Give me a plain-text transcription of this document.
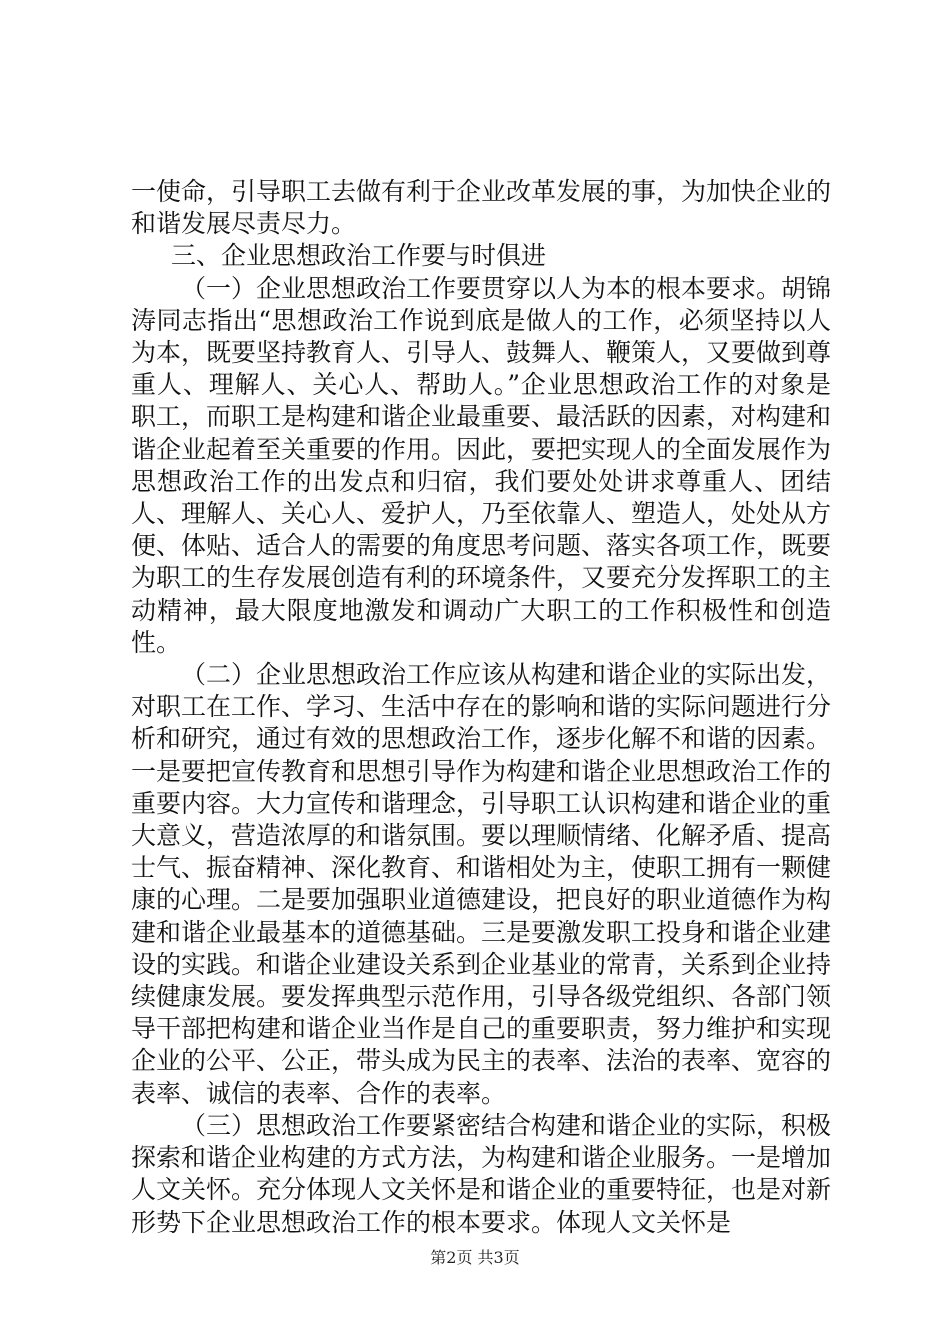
一使命，引导职工去做有利于企业改革发展的事，为加快企业的和谐发展尽责尽力。

三、企业思想政治工作要与时俱进

（一）企业思想政治工作要贯穿以人为本的根本要求。胡锦涛同志指出“思想政治工作说到底是做人的工作，必须坚持以人为本，既要坚持教育人、引导人、鼓舞人、鞭策人，又要做到尊重人、理解人、关心人、帮助人。”企业思想政治工作的对象是职工，而职工是构建和谐企业最重要、最活跃的因素，对构建和谐企业起着至关重要的作用。因此，要把实现人的全面发展作为思想政治工作的出发点和归宿，我们要处处讲求尊重人、团结人、理解人、关心人、爱护人，乃至依靠人、塑造人，处处从方便、体贴、适合人的需要的角度思考问题、落实各项工作，既要为职工的生存发展创造有利的环境条件，又要充分发挥职工的主动精神，最大限度地激发和调动广大职工的工作积极性和创造性。

（二）企业思想政治工作应该从构建和谐企业的实际出发，对职工在工作、学习、生活中存在的影响和谐的实际问题进行分析和研究，通过有效的思想政治工作，逐步化解不和谐的因素。一是要把宣传教育和思想引导作为构建和谐企业思想政治工作的重要内容。大力宣传和谐理念，引导职工认识构建和谐企业的重大意义，营造浓厚的和谐氛围。要以理顺情绪、化解矛盾、提高士气、振奋精神、深化教育、和谐相处为主，使职工拥有一颗健康的心理。二是要加强职业道德建设，把良好的职业道德作为构建和谐企业最基本的道德基础。三是要激发职工投身和谐企业建设的实践。和谐企业建设关系到企业基业的常青，关系到企业持续健康发展。要发挥典型示范作用，引导各级党组织、各部门领导干部把构建和谐企业当作是自己的重要职责，努力维护和实现企业的公平、公正，带头成为民主的表率、法治的表率、宽容的表率、诚信的表率、合作的表率。

（三）思想政治工作要紧密结合构建和谐企业的实际，积极探索和谐企业构建的方式方法，为构建和谐企业服务。一是增加人文关怀。充分体现人文关怀是和谐企业的重要特征，也是对新形势下企业思想政治工作的根本要求。体现人文关怀是

第2页 共3页
